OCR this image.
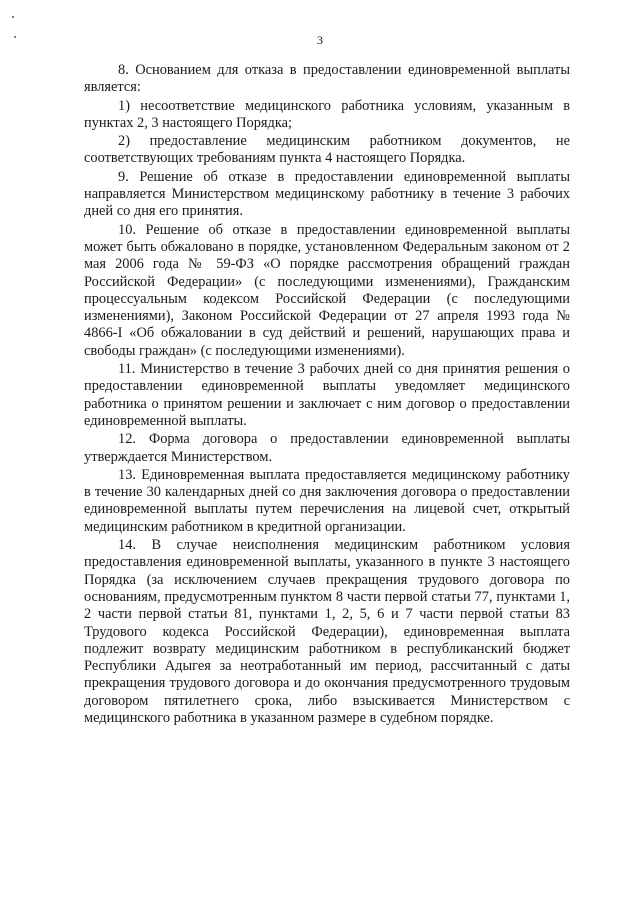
3

8. Основанием для отказа в предоставлении единовременной выплаты является:

1) несоответствие медицинского работника условиям, указанным в пунктах 2, 3 настоящего Порядка;

2) предоставление медицинским работником документов, не соответствующих требованиям пункта 4 настоящего Порядка.

9. Решение об отказе в предоставлении единовременной выплаты направляется Министерством медицинскому работнику в течение 3 рабочих дней со дня его принятия.

10. Решение об отказе в предоставлении единовременной выплаты может быть обжаловано в порядке, установленном Федеральным законом от 2 мая 2006 года № 59-ФЗ «О порядке рассмотрения обращений граждан Российской Федерации» (с последующими изменениями), Гражданским процессуальным кодексом Российской Федерации (с последующими изменениями), Законом Российской Федерации от 27 апреля 1993 года № 4866-I «Об обжаловании в суд действий и решений, нарушающих права и свободы граждан» (с последующими изменениями).

11. Министерство в течение 3 рабочих дней со дня принятия решения о предоставлении единовременной выплаты уведомляет медицинского работника о принятом решении и заключает с ним договор о предоставлении единовременной выплаты.

12. Форма договора о предоставлении единовременной выплаты утверждается Министерством.

13. Единовременная выплата предоставляется медицинскому работнику в течение 30 календарных дней со дня заключения договора о предоставлении единовременной выплаты путем перечисления на лицевой счет, открытый медицинским работником в кредитной организации.

14. В случае неисполнения медицинским работником условия предоставления единовременной выплаты, указанного в пункте 3 настоящего Порядка (за исключением случаев прекращения трудового договора по основаниям, предусмотренным пунктом 8 части первой статьи 77, пунктами 1, 2 части первой статьи 81, пунктами 1, 2, 5, 6 и 7 части первой статьи 83 Трудового кодекса Российской Федерации), единовременная выплата подлежит возврату медицинским работником в республиканский бюджет Республики Адыгея за неотработанный им период, рассчитанный с даты прекращения трудового договора и до окончания предусмотренного трудовым договором пятилетнего срока, либо взыскивается Министерством с медицинского работника в указанном размере в судебном порядке.
